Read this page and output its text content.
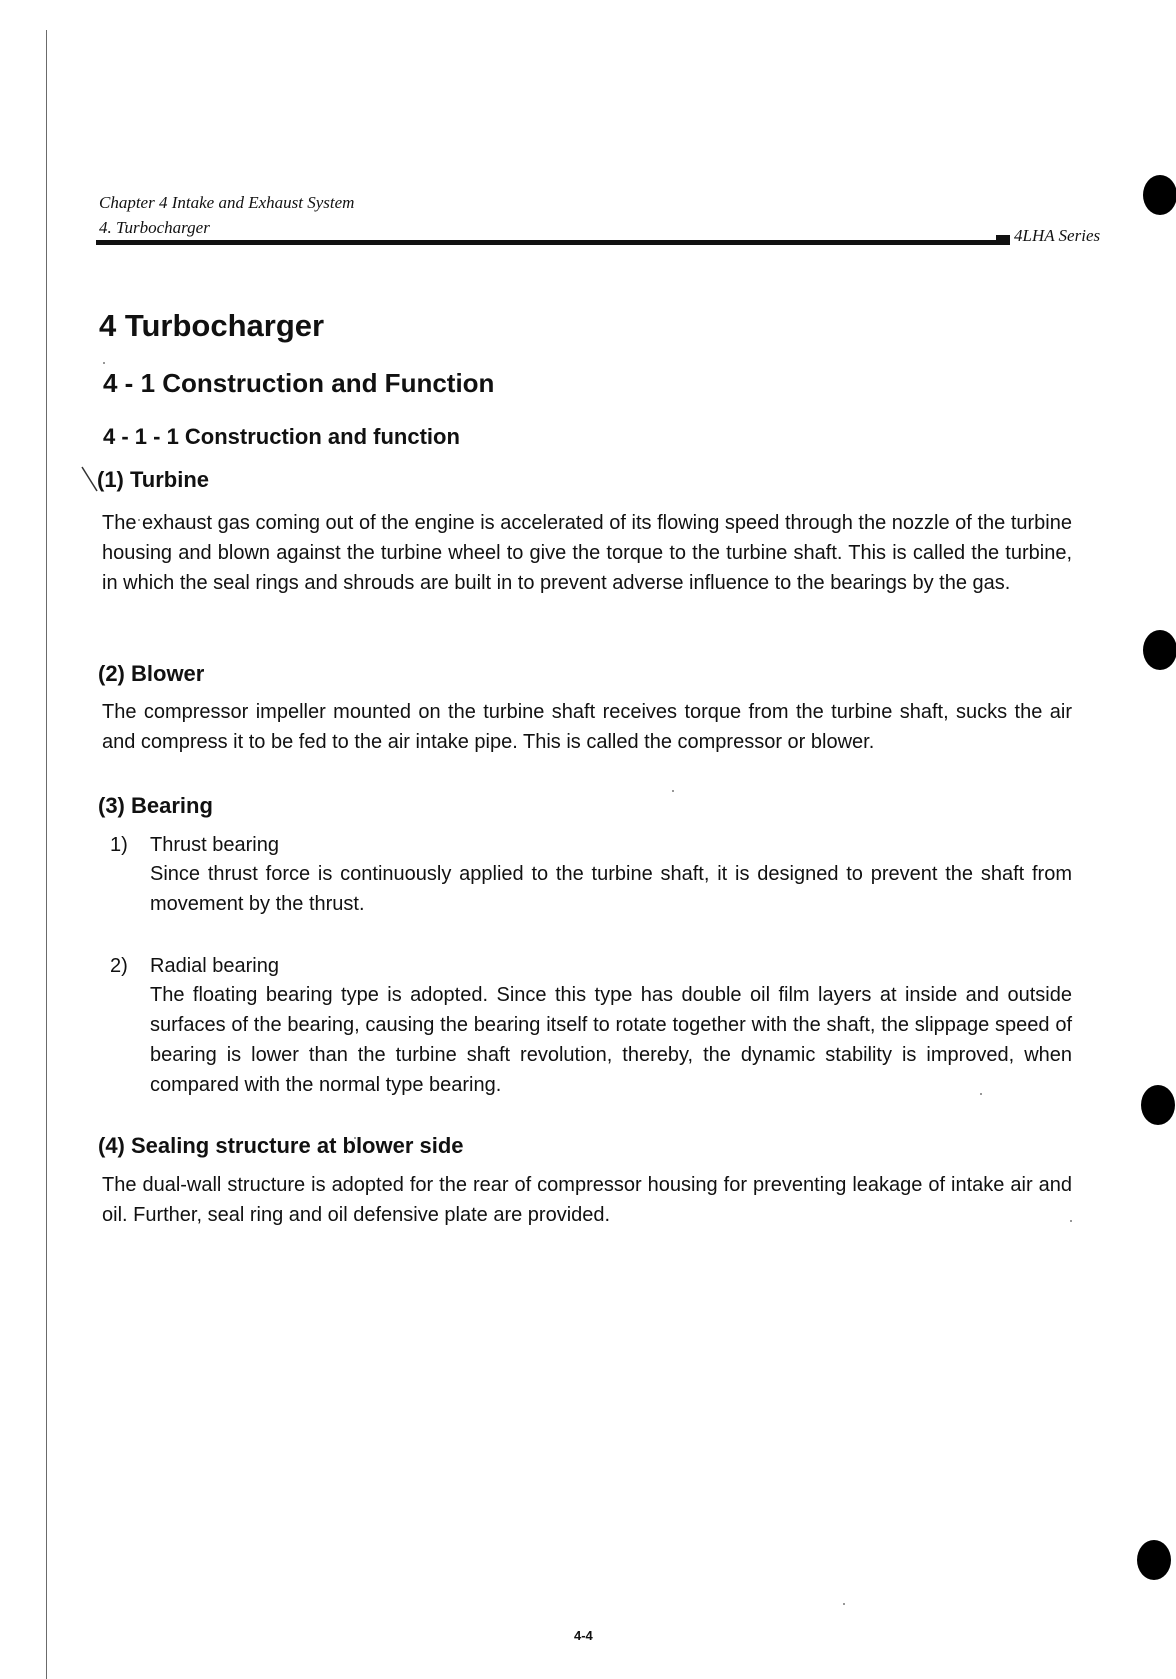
Chapter 4 Intake and Exhaust System
4. Turbocharger	4LHA Series
4 Turbocharger
4 - 1 Construction and Function
4 - 1 - 1 Construction and function
(1) Turbine
The exhaust gas coming out of the engine is accelerated of its flowing speed through the nozzle of the turbine housing and blown against the turbine wheel to give the torque to the turbine shaft. This is called the turbine, in which the seal rings and shrouds are built in to prevent adverse influence to the bearings by the gas.
(2) Blower
The compressor impeller mounted on the turbine shaft receives torque from the turbine shaft, sucks the air and compress it to be fed to the air intake pipe. This is called the compressor or blower.
(3) Bearing
1) Thrust bearing
Since thrust force is continuously applied to the turbine shaft, it is designed to prevent the shaft from movement by the thrust.
2) Radial bearing
The floating bearing type is adopted. Since this type has double oil film layers at inside and outside surfaces of the bearing, causing the bearing itself to rotate together with the shaft, the slippage speed of bearing is lower than the turbine shaft revolution, thereby, the dynamic stability is improved, when compared with the normal type bearing.
(4) Sealing structure at blower side
The dual-wall structure is adopted for the rear of compressor housing for preventing leakage of intake air and oil. Further, seal ring and oil defensive plate are provided.
4-4
